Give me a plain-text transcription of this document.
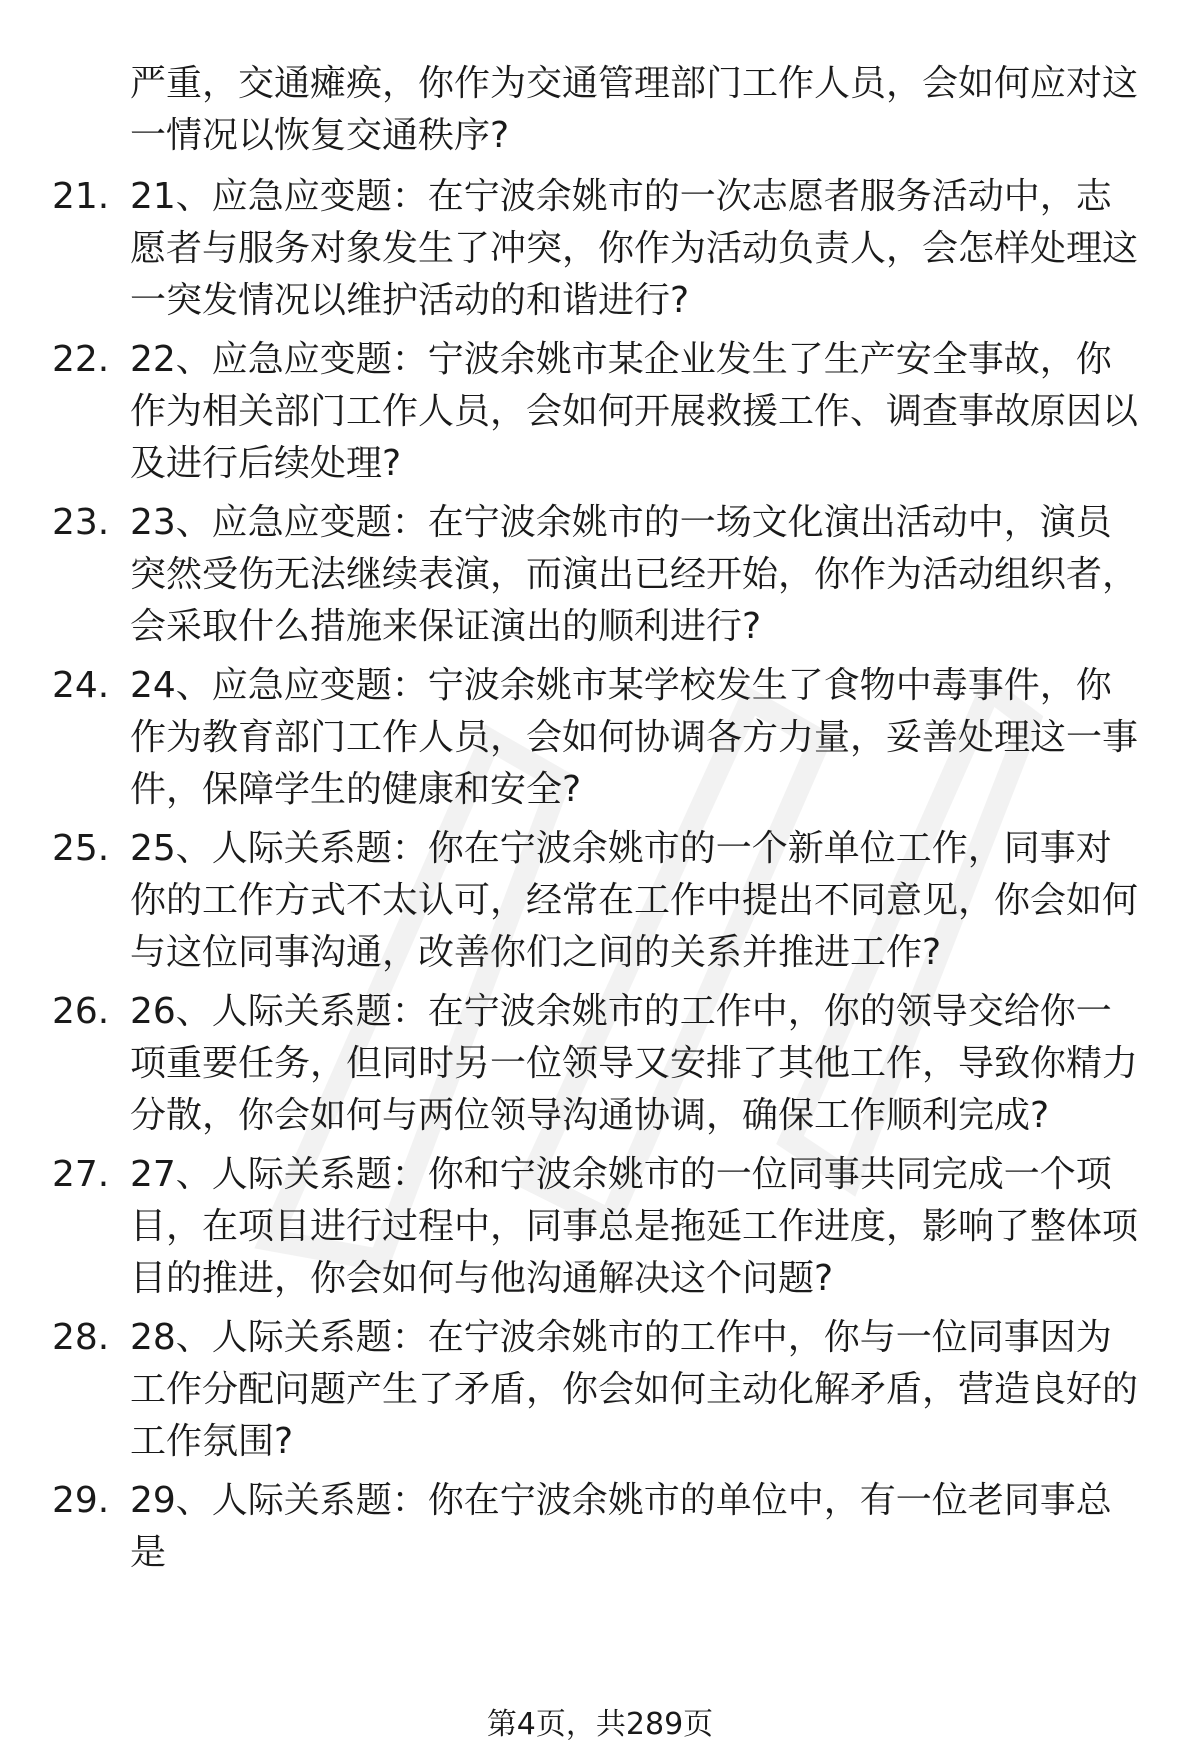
严重，交通瘫痪，你作为交通管理部门工作人员，会如何应对这一情况以恢复交通秩序?
21. 21、应急应变题：在宁波余姚市的一次志愿者服务活动中，志愿者与服务对象发生了冲突，你作为活动负责人，会怎样处理这一突发情况以维护活动的和谐进行?
22. 22、应急应变题：宁波余姚市某企业发生了生产安全事故，你作为相关部门工作人员，会如何开展救援工作、调查事故原因以及进行后续处理?
23. 23、应急应变题：在宁波余姚市的一场文化演出活动中，演员突然受伤无法继续表演，而演出已经开始，你作为活动组织者，会采取什么措施来保证演出的顺利进行?
24. 24、应急应变题：宁波余姚市某学校发生了食物中毒事件，你作为教育部门工作人员，会如何协调各方力量，妥善处理这一事件，保障学生的健康和安全?
25. 25、人际关系题：你在宁波余姚市的一个新单位工作，同事对你的工作方式不太认可，经常在工作中提出不同意见，你会如何与这位同事沟通，改善你们之间的关系并推进工作?
26. 26、人际关系题：在宁波余姚市的工作中，你的领导交给你一项重要任务，但同时另一位领导又安排了其他工作，导致你精力分散，你会如何与两位领导沟通协调，确保工作顺利完成?
27. 27、人际关系题：你和宁波余姚市的一位同事共同完成一个项目，在项目进行过程中，同事总是拖延工作进度，影响了整体项目的推进，你会如何与他沟通解决这个问题?
28. 28、人际关系题：在宁波余姚市的工作中，你与一位同事因为工作分配问题产生了矛盾，你会如何主动化解矛盾，营造良好的工作氛围?
29. 29、人际关系题：你在宁波余姚市的单位中，有一位老同事总是
第4页，共289页
